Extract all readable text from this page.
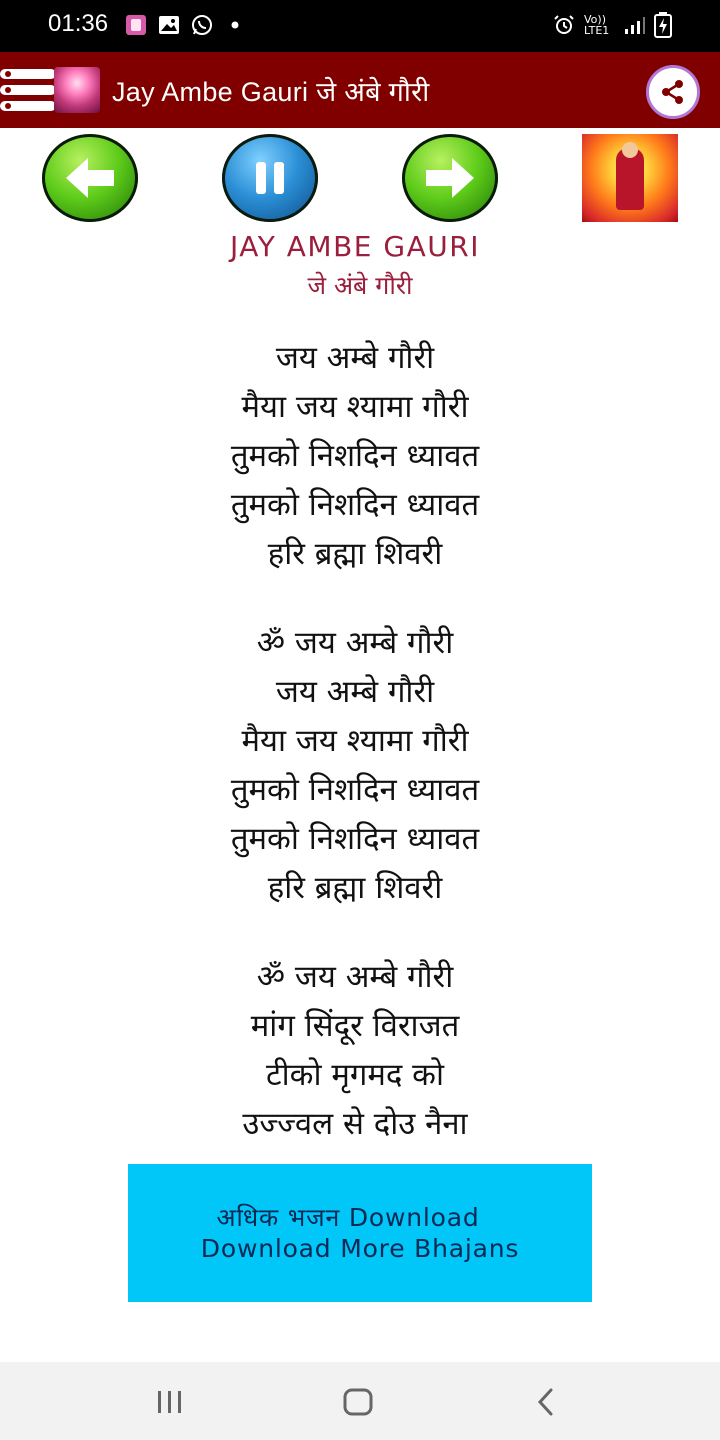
01:36	Vo)) LTE1
Jay Ambe Gauri जे अंबे गौरी
JAY AMBE GAURI
जे अंबे गौरी
जय अम्बे गौरी
मैया जय श्यामा गौरी
तुमको निशदिन ध्यावत
तुमको निशदिन ध्यावत
हरि ब्रह्मा शिवरी
ॐ जय अम्बे गौरी
जय अम्बे गौरी
मैया जय श्यामा गौरी
तुमको निशदिन ध्यावत
तुमको निशदिन ध्यावत
हरि ब्रह्मा शिवरी
ॐ जय अम्बे गौरी
मांग सिंदूर विराजत
टीको मृगमद को
उज्ज्वल से दोउ नैना
अधिक भजन Download
Download More Bhajans
